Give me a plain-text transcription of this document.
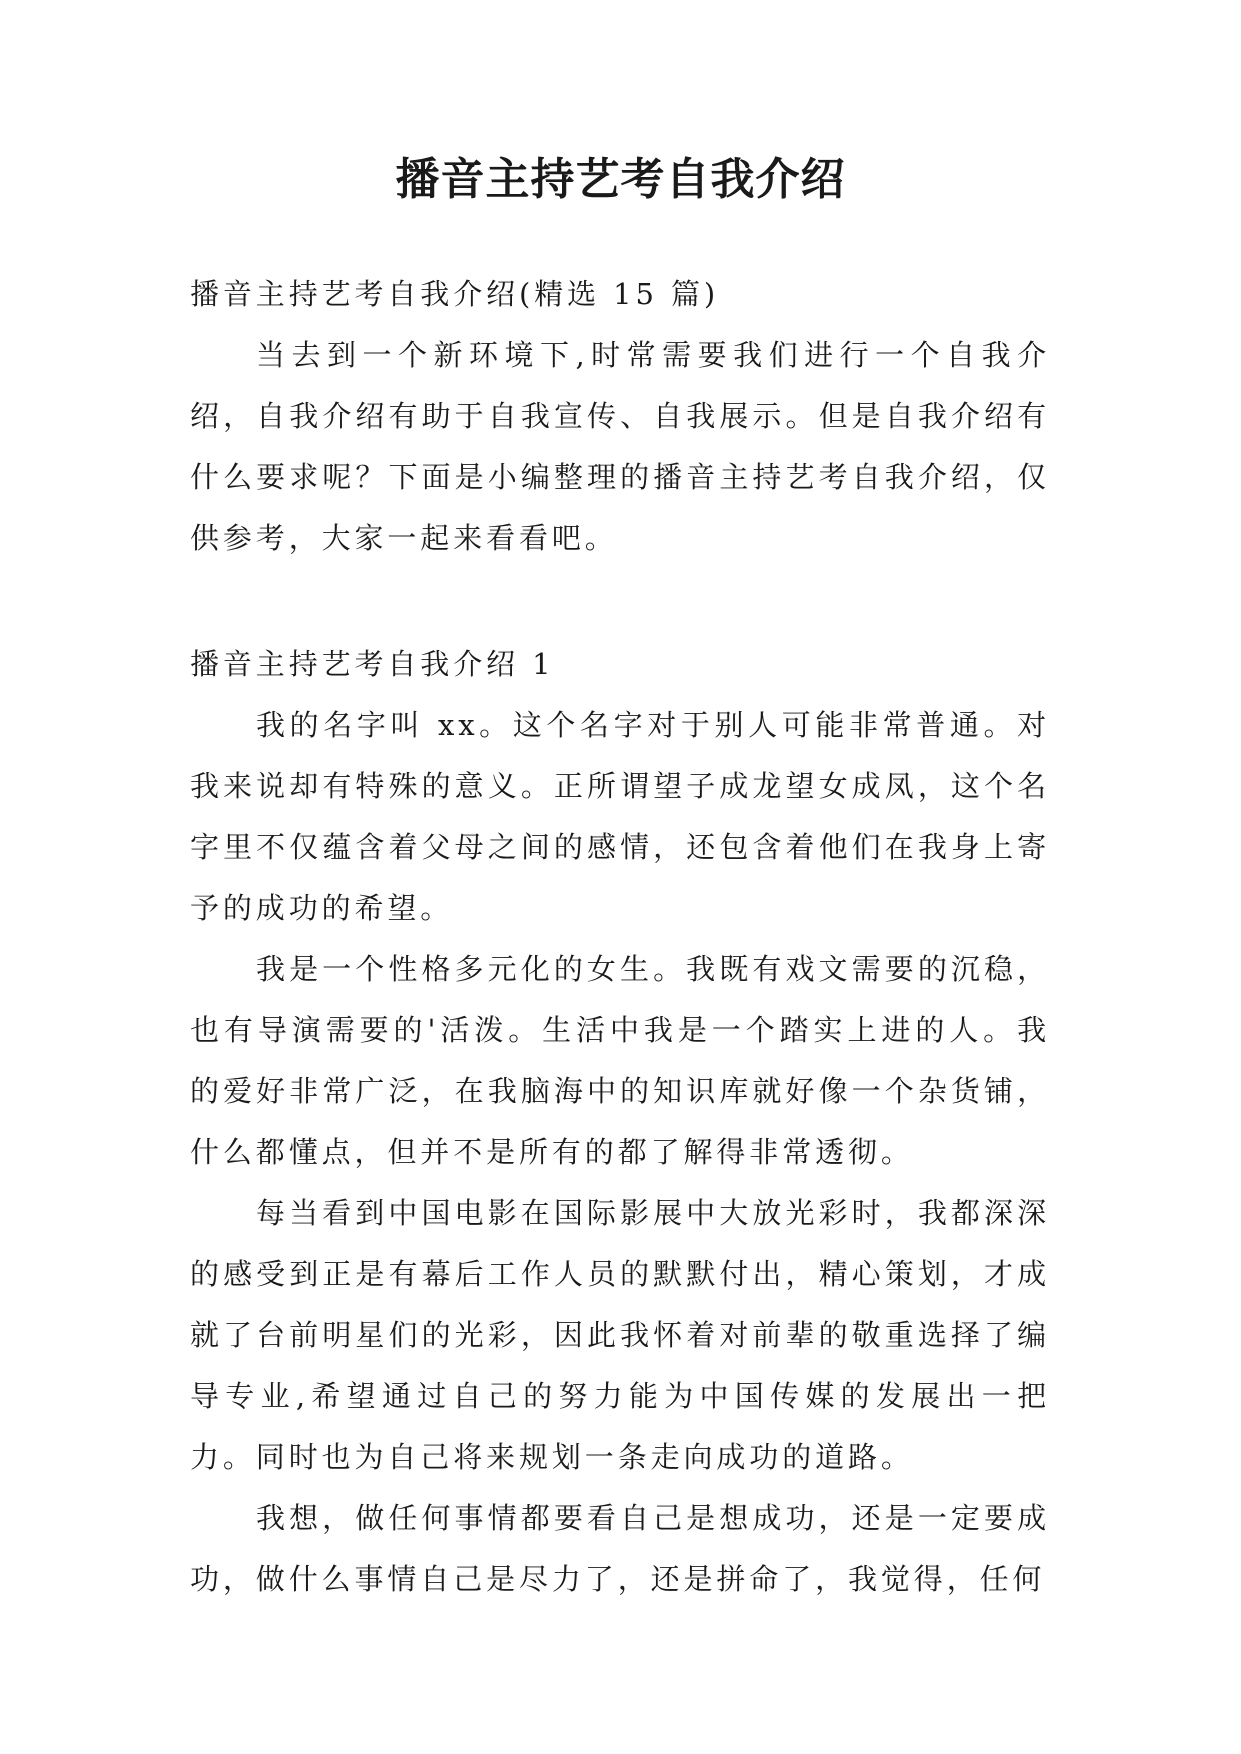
播音主持艺考自我介绍

播音主持艺考自我介绍(精选 15 篇)

当去到一个新环境下,时常需要我们进行一个自我介绍，自我介绍有助于自我宣传、自我展示。但是自我介绍有什么要求呢？下面是小编整理的播音主持艺考自我介绍，仅供参考，大家一起来看看吧。

播音主持艺考自我介绍 1

我的名字叫 xx。这个名字对于别人可能非常普通。对我来说却有特殊的意义。正所谓望子成龙望女成凤，这个名字里不仅蕴含着父母之间的感情，还包含着他们在我身上寄予的成功的希望。

我是一个性格多元化的女生。我既有戏文需要的沉稳，也有导演需要的'活泼。生活中我是一个踏实上进的人。我的爱好非常广泛，在我脑海中的知识库就好像一个杂货铺，什么都懂点，但并不是所有的都了解得非常透彻。

每当看到中国电影在国际影展中大放光彩时，我都深深的感受到正是有幕后工作人员的默默付出，精心策划，才成就了台前明星们的光彩，因此我怀着对前辈的敬重选择了编导专业,希望通过自己的努力能为中国传媒的发展出一把力。同时也为自己将来规划一条走向成功的道路。

我想，做任何事情都要看自己是想成功，还是一定要成功，做什么事情自己是尽力了，还是拼命了，我觉得，任何
